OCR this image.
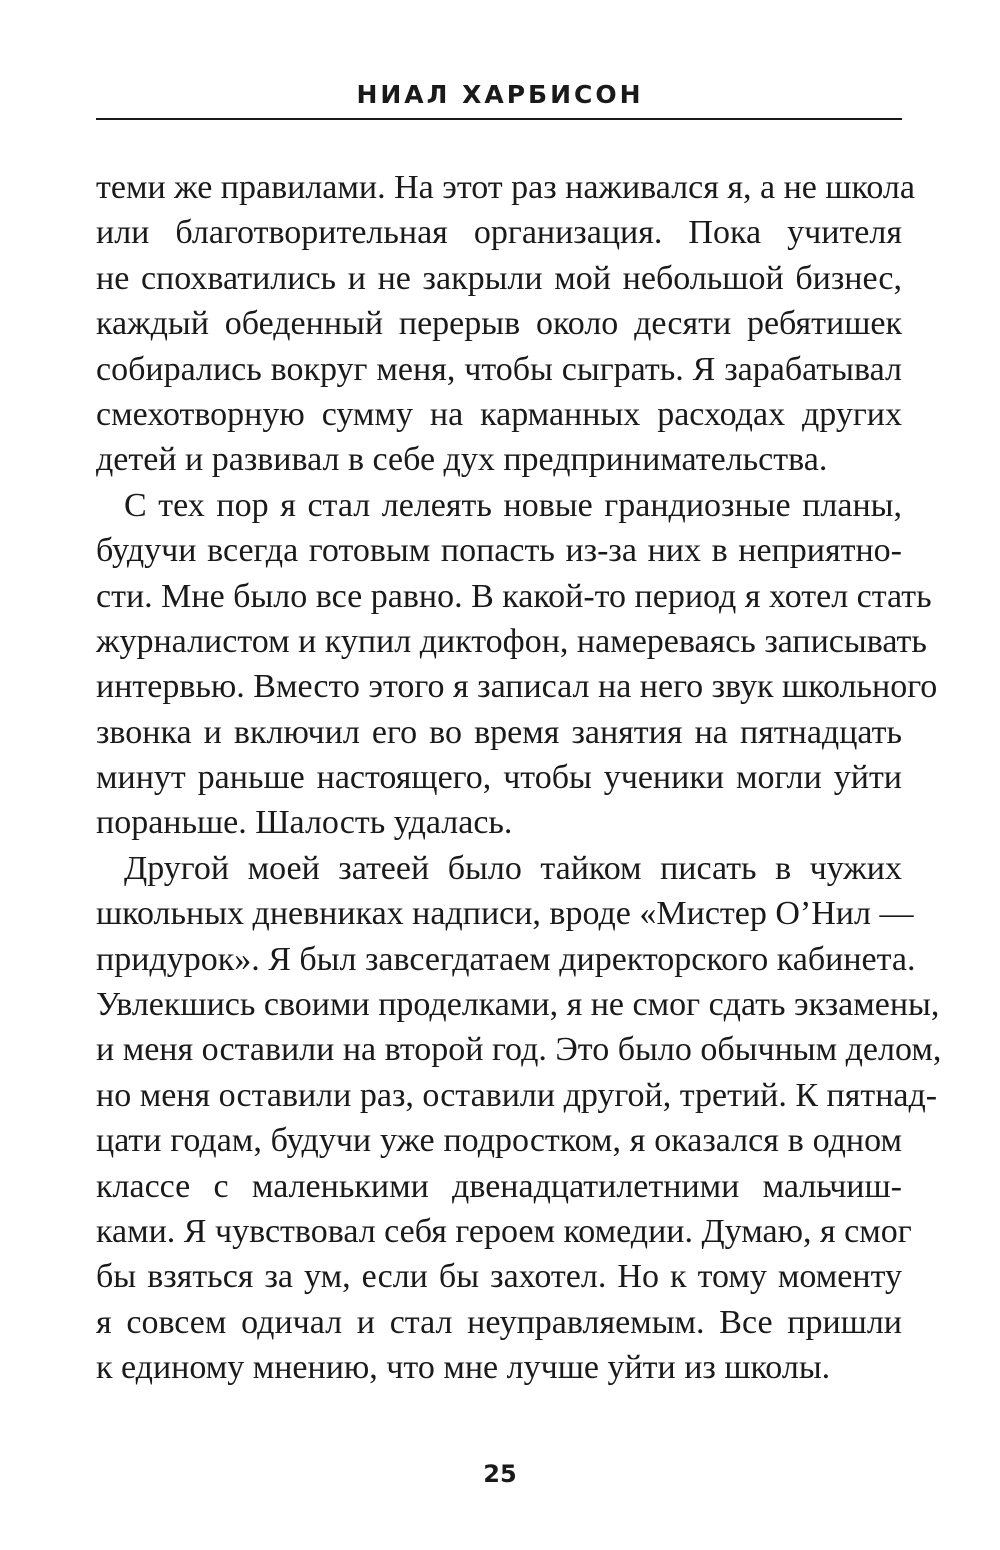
НИАЛ ХАРБИСОН
теми же правилами. На этот раз наживался я, а не школа
или благотворительная организация. Пока учителя
не спохватились и не закрыли мой небольшой бизнес,
каждый обеденный перерыв около десяти ребятишек
собирались вокруг меня, чтобы сыграть. Я зарабатывал
смехотворную сумму на карманных расходах других
детей и развивал в себе дух предпринимательства.
С тех пор я стал лелеять новые грандиозные планы,
будучи всегда готовым попасть из-за них в неприятно-
сти. Мне было все равно. В какой-то период я хотел стать
журналистом и купил диктофон, намереваясь записывать
интервью. Вместо этого я записал на него звук школьного
звонка и включил его во время занятия на пятнадцать
минут раньше настоящего, чтобы ученики могли уйти
пораньше. Шалость удалась.
Другой моей затеей было тайком писать в чужих
школьных дневниках надписи, вроде «Мистер О’Нил —
придурок». Я был завсегдатаем директорского кабинета.
Увлекшись своими проделками, я не смог сдать экзамены,
и меня оставили на второй год. Это было обычным делом,
но меня оставили раз, оставили другой, третий. К пятнад-
цати годам, будучи уже подростком, я оказался в одном
классе с маленькими двенадцатилетними мальчиш-
ками. Я чувствовал себя героем комедии. Думаю, я смог
бы взяться за ум, если бы захотел. Но к тому моменту
я совсем одичал и стал неуправляемым. Все пришли
к единому мнению, что мне лучше уйти из школы.
25
